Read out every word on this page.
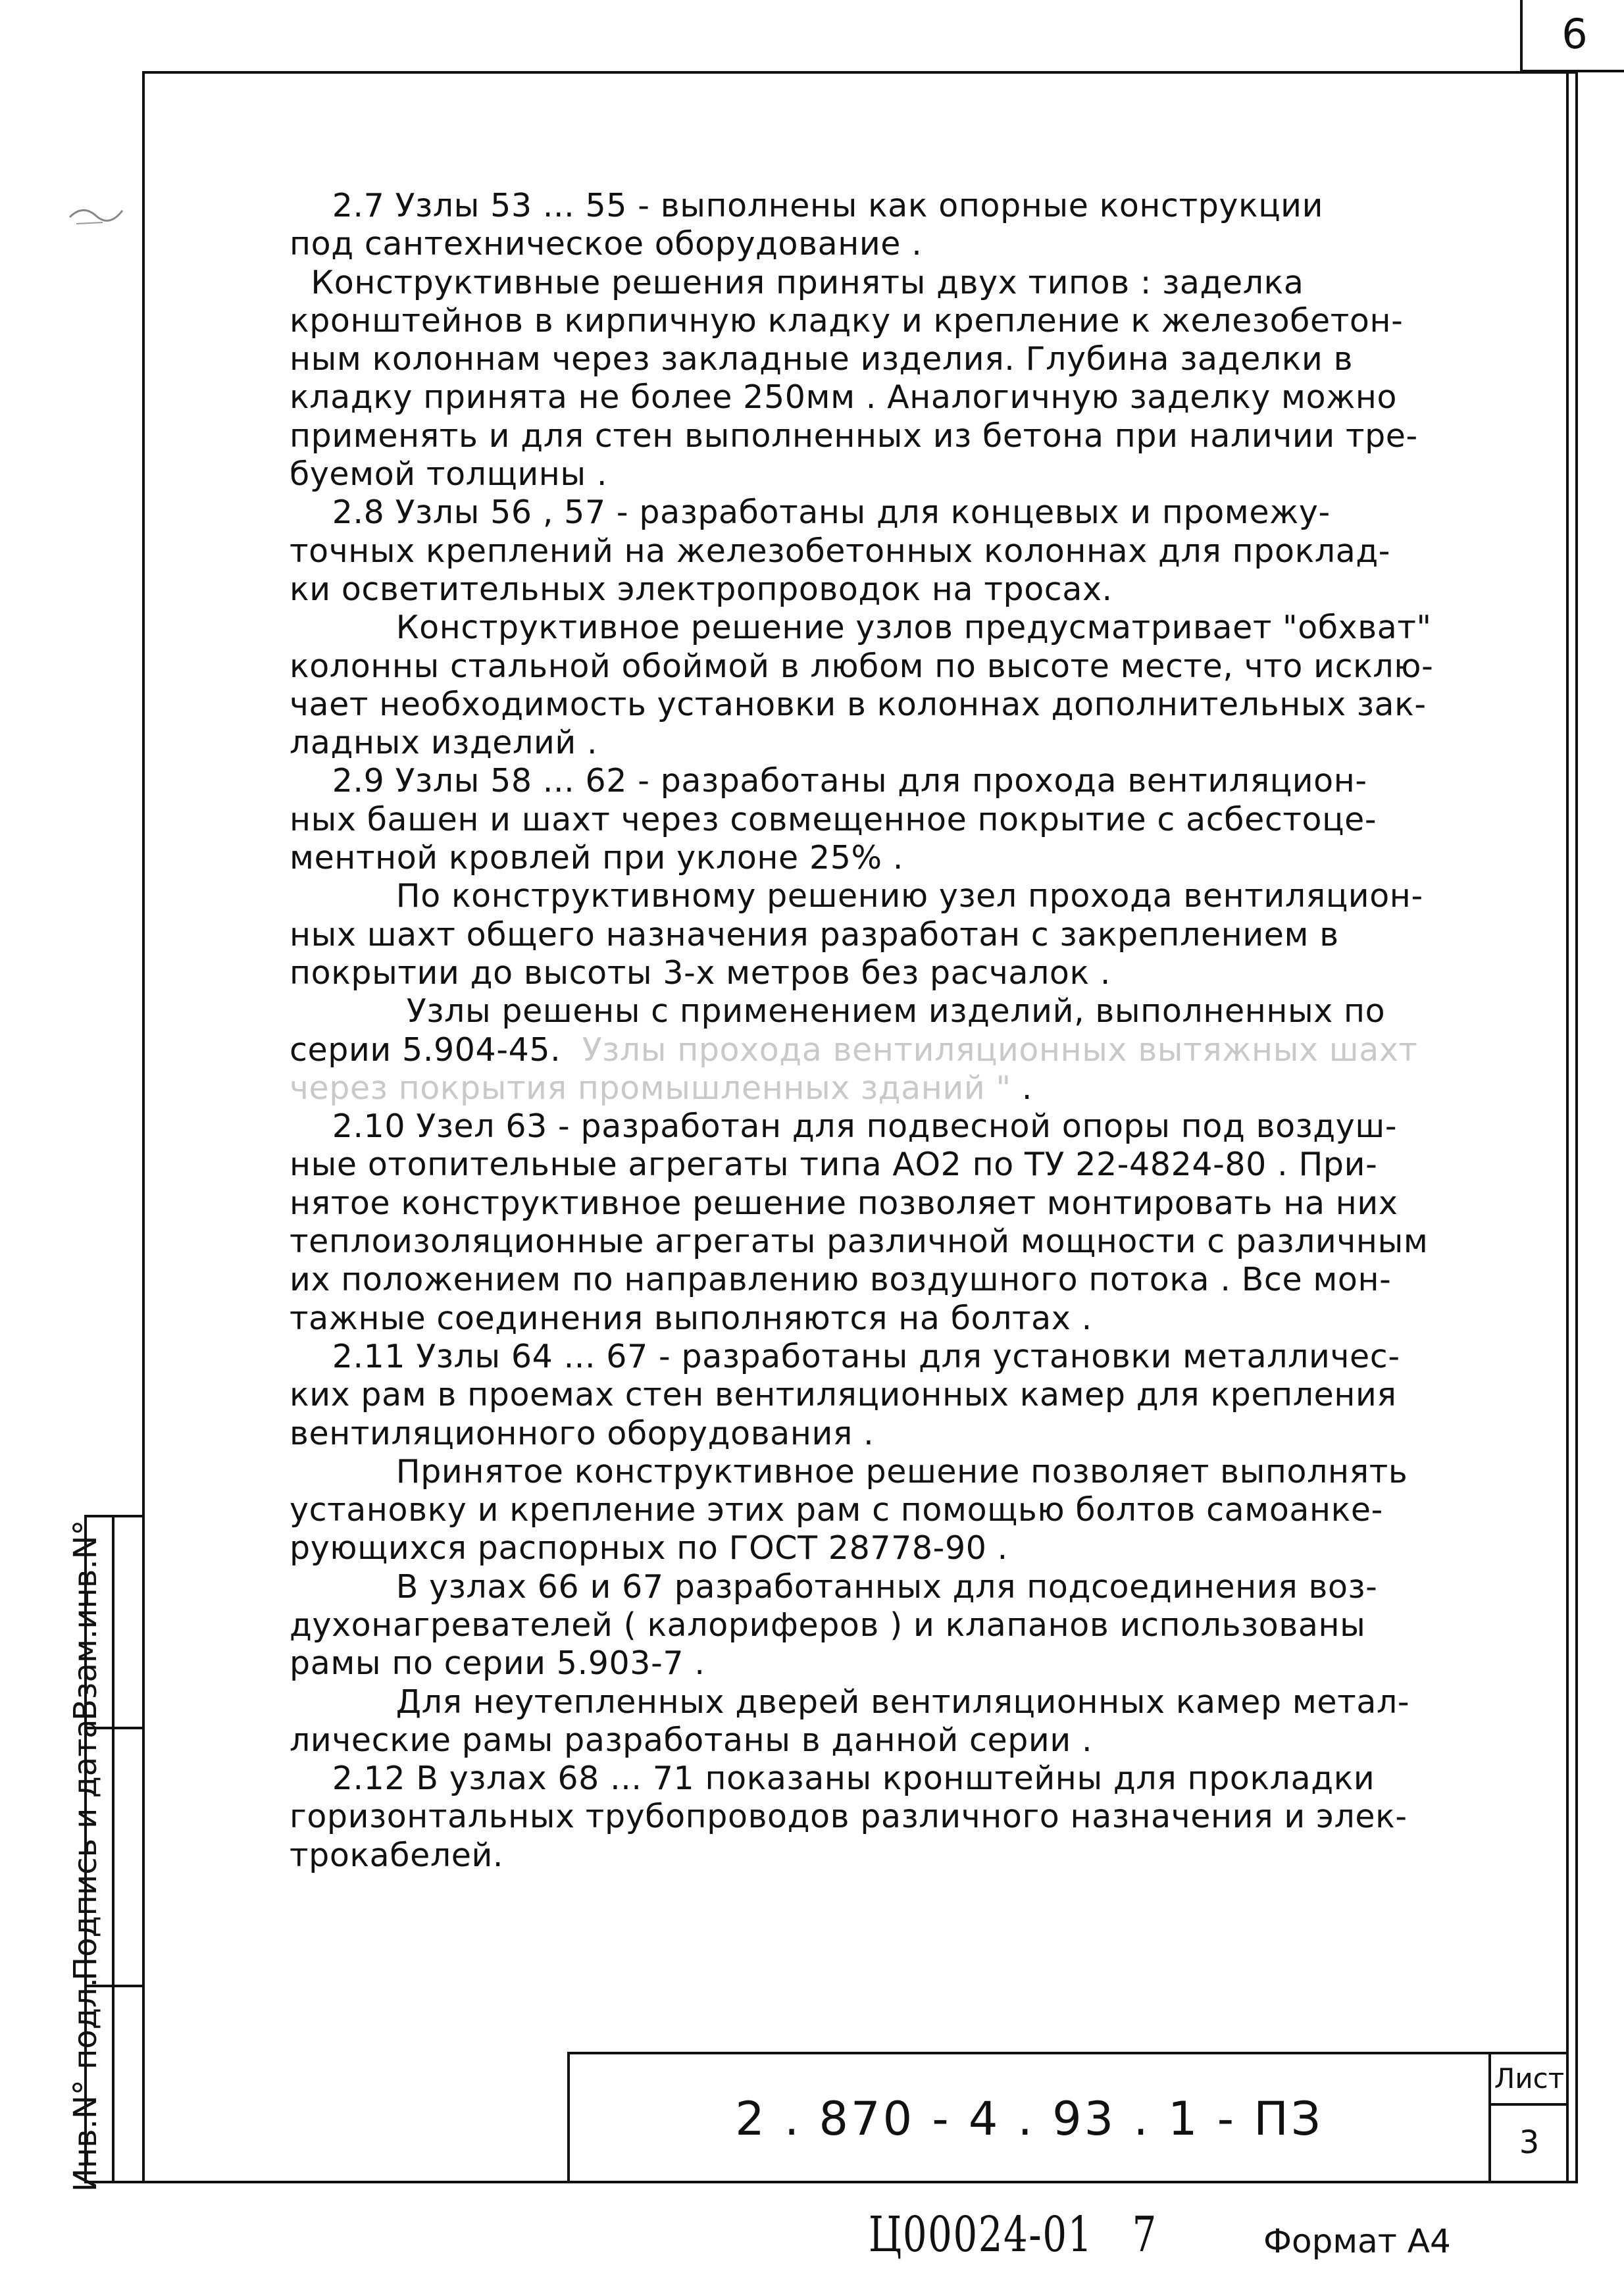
6
Взам.инв.N°
Подпись и дата
Инв.N° подл.

2.7 Узлы 53 ... 55 - выполнены как опорные конструкции

под сантехническое оборудование .

Конструктивные решения приняты двух типов : заделка

кронштейнов в кирпичную кладку и крепление к железобетон-

ным колоннам через закладные изделия. Глубина заделки в

кладку принята не более 250мм . Аналогичную заделку можно

применять и для стен выполненных из бетона при наличии тре-

буемой толщины .

2.8 Узлы 56 , 57 - разработаны для концевых и промежу-

точных креплений на железобетонных колоннах для проклад-

ки осветительных электропроводок на тросах.

Конструктивное решение узлов предусматривает "обхват"

колонны стальной обоймой в любом по высоте месте, что исклю-

чает необходимость установки в колоннах дополнительных зак-

ладных изделий .

2.9 Узлы 58 ... 62 - разработаны для прохода вентиляцион-

ных башен и шахт через совмещенное покрытие с асбестоце-

ментной кровлей при уклоне 25% .

По конструктивному решению узел прохода вентиляцион-

ных шахт общего назначения разработан с закреплением в

покрытии до высоты 3-х метров без расчалок .

Узлы решены с применением изделий, выполненных по

серии 5.904-45.  Узлы прохода вентиляционных вытяжных шахт

через покрытия промышленных зданий " .

2.10 Узел 63 - разработан для подвесной опоры под воздуш-

ные отопительные агрегаты типа АО2 по ТУ 22-4824-80 . При-

нятое конструктивное решение позволяет монтировать на них

теплоизоляционные агрегаты различной мощности с различным

их положением по направлению воздушного потока . Все мон-

тажные соединения выполняются на болтах .

2.11 Узлы 64 ... 67 - разработаны для установки металличес-

ких рам в проемах стен вентиляционных камер для крепления

вентиляционного оборудования .

Принятое конструктивное решение позволяет выполнять

установку и крепление этих рам с помощью болтов самоанке-

рующихся распорных по ГОСТ 28778-90 .

В узлах 66 и 67 разработанных для подсоединения воз-

духонагревателей ( калориферов ) и клапанов использованы

рамы по серии 5.903-7 .

Для неутепленных дверей вентиляционных камер метал-

лические рамы разработаны в данной серии .

2.12 В узлах 68 ... 71 показаны кронштейны для прокладки

горизонтальных трубопроводов различного назначения и элек-

трокабелей.

2 . 870 - 4 . 93 . 1 - ПЗ
Лист
3
Ц00024-01   7	Формат А4
